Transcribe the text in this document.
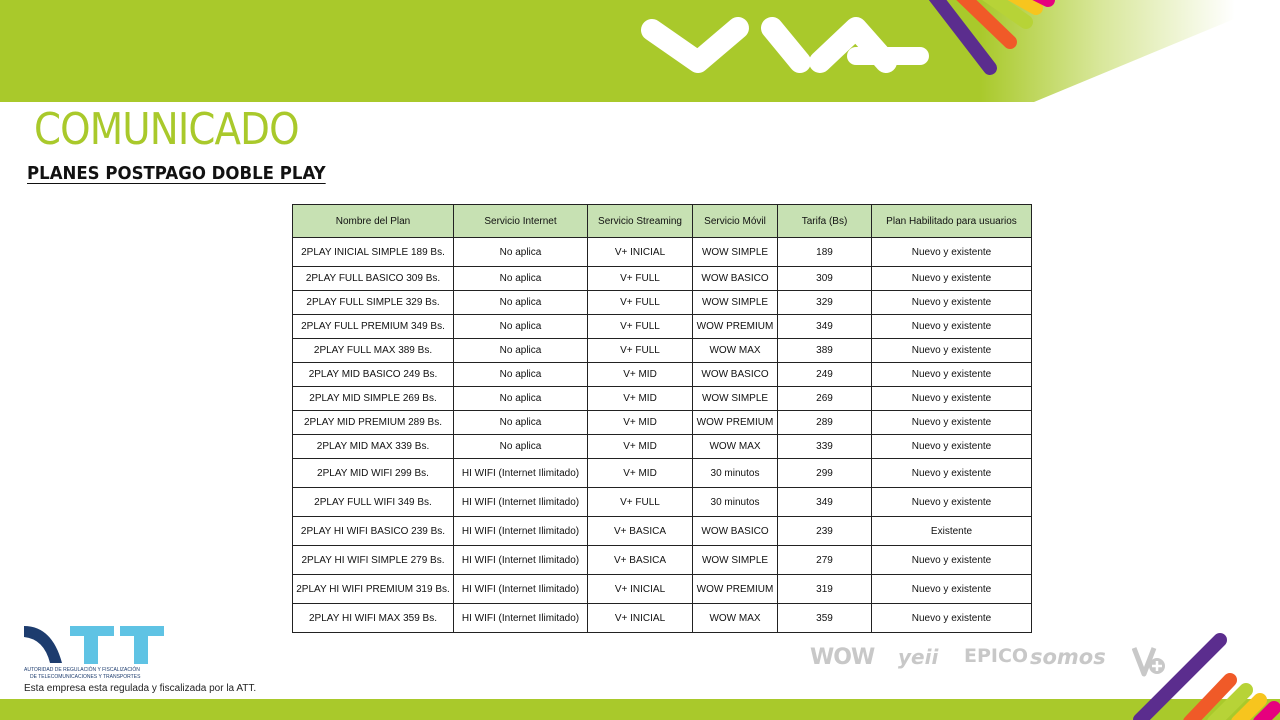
COMUNICADO
PLANES POSTPAGO DOBLE PLAY
Nombre del Plan	Servicio Internet	Servicio Streaming	Servicio Móvil	Tarifa (Bs)	Plan Habilitado para usuarios
2PLAY INICIAL SIMPLE 189 Bs.	No aplica	V+ INICIAL	WOW SIMPLE	189	Nuevo y existente
2PLAY FULL BASICO 309 Bs.	No aplica	V+ FULL	WOW BASICO	309	Nuevo y existente
2PLAY FULL SIMPLE 329 Bs.	No aplica	V+ FULL	WOW SIMPLE	329	Nuevo y existente
2PLAY FULL PREMIUM 349 Bs.	No aplica	V+ FULL	WOW PREMIUM	349	Nuevo y existente
2PLAY FULL MAX 389 Bs.	No aplica	V+ FULL	WOW MAX	389	Nuevo y existente
2PLAY MID BASICO 249 Bs.	No aplica	V+ MID	WOW BASICO	249	Nuevo y existente
2PLAY MID SIMPLE 269 Bs.	No aplica	V+ MID	WOW SIMPLE	269	Nuevo y existente
2PLAY MID PREMIUM 289 Bs.	No aplica	V+ MID	WOW PREMIUM	289	Nuevo y existente
2PLAY MID MAX 339 Bs.	No aplica	V+ MID	WOW MAX	339	Nuevo y existente
2PLAY MID WIFI 299 Bs.	HI WIFI (Internet Ilimitado)	V+ MID	30 minutos	299	Nuevo y existente
2PLAY FULL WIFI 349 Bs.	HI WIFI (Internet Ilimitado)	V+ FULL	30 minutos	349	Nuevo y existente
2PLAY HI WIFI BASICO 239 Bs.	HI WIFI (Internet Ilimitado)	V+ BASICA	WOW BASICO	239	Existente
2PLAY HI WIFI SIMPLE 279 Bs.	HI WIFI (Internet Ilimitado)	V+ BASICA	WOW SIMPLE	279	Nuevo y existente
2PLAY HI WIFI PREMIUM 319 Bs.	HI WIFI (Internet Ilimitado)	V+ INICIAL	WOW PREMIUM	319	Nuevo y existente
2PLAY HI WIFI MAX 359 Bs.	HI WIFI (Internet Ilimitado)	V+ INICIAL	WOW MAX	359	Nuevo y existente
AUTORIDAD DE REGULACIÓN Y FISCALIZACIÓN
DE TELECOMUNICACIONES Y TRANSPORTES
Esta empresa esta regulada y fiscalizada por la ATT.
WOW yeii EPICO somos
